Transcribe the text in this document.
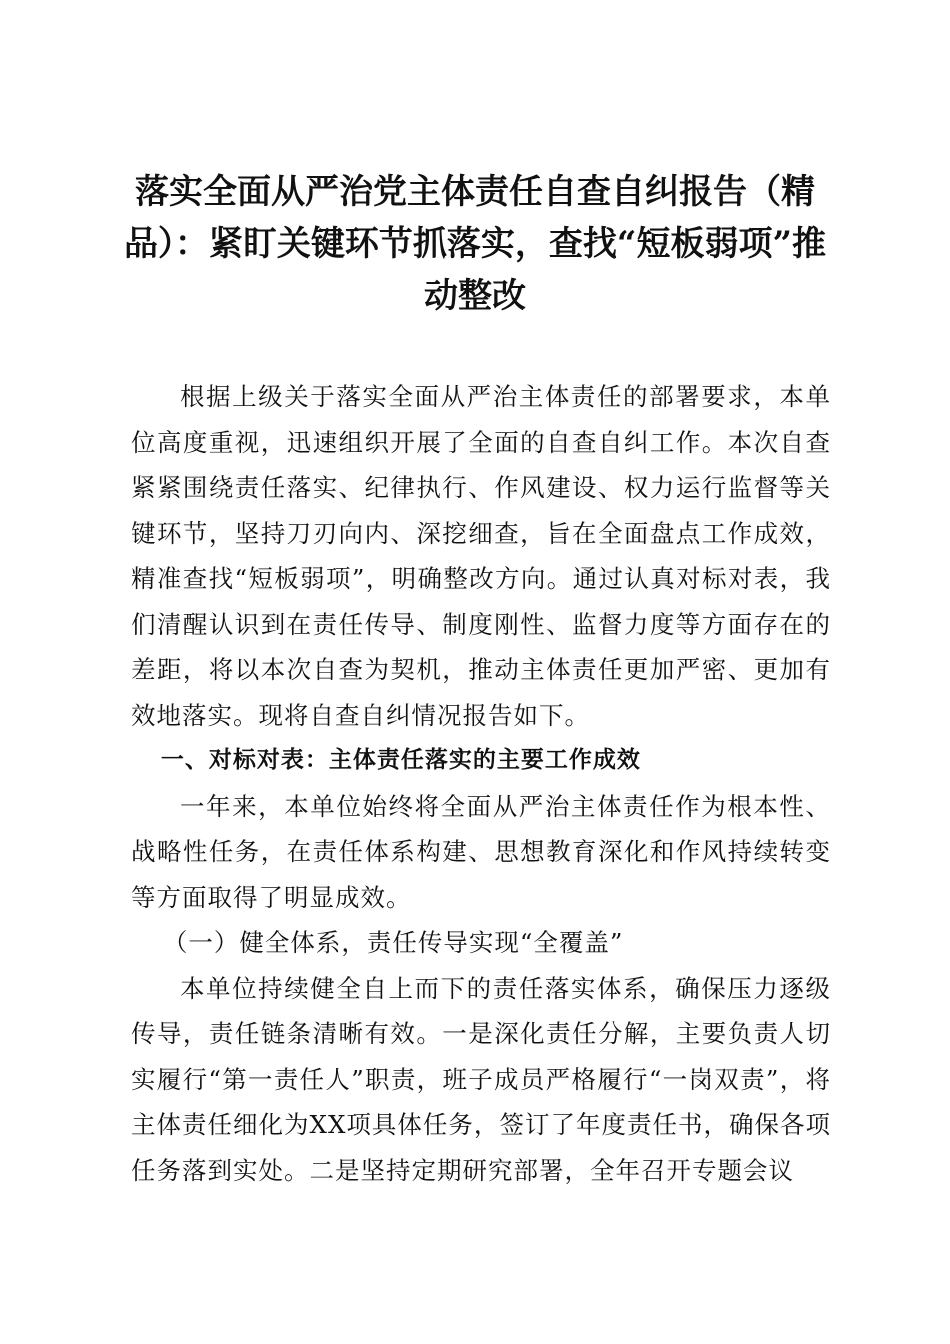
落实全面从严治党主体责任自查自纠报告（精品）：紧盯关键环节抓落实，查找“短板弱项”推动整改

根据上级关于落实全面从严治主体责任的部署要求，本单位高度重视，迅速组织开展了全面的自查自纠工作。本次自查紧紧围绕责任落实、纪律执行、作风建设、权力运行监督等关键环节，坚持刀刃向内、深挖细查，旨在全面盘点工作成效，精准查找“短板弱项”，明确整改方向。通过认真对标对表，我们清醒认识到在责任传导、制度刚性、监督力度等方面存在的差距，将以本次自查为契机，推动主体责任更加严密、更加有效地落实。现将自查自纠情况报告如下。

一、对标对表：主体责任落实的主要工作成效

一年来，本单位始终将全面从严治主体责任作为根本性、战略性任务，在责任体系构建、思想教育深化和作风持续转变等方面取得了明显成效。

（一）健全体系，责任传导实现“全覆盖”

本单位持续健全自上而下的责任落实体系，确保压力逐级传导，责任链条清晰有效。一是深化责任分解，主要负责人切实履行“第一责任人”职责，班子成员严格履行“一岗双责”，将主体责任细化为XX项具体任务，签订了年度责任书，确保各项任务落到实处。二是坚持定期研究部署，全年召开专题会议
